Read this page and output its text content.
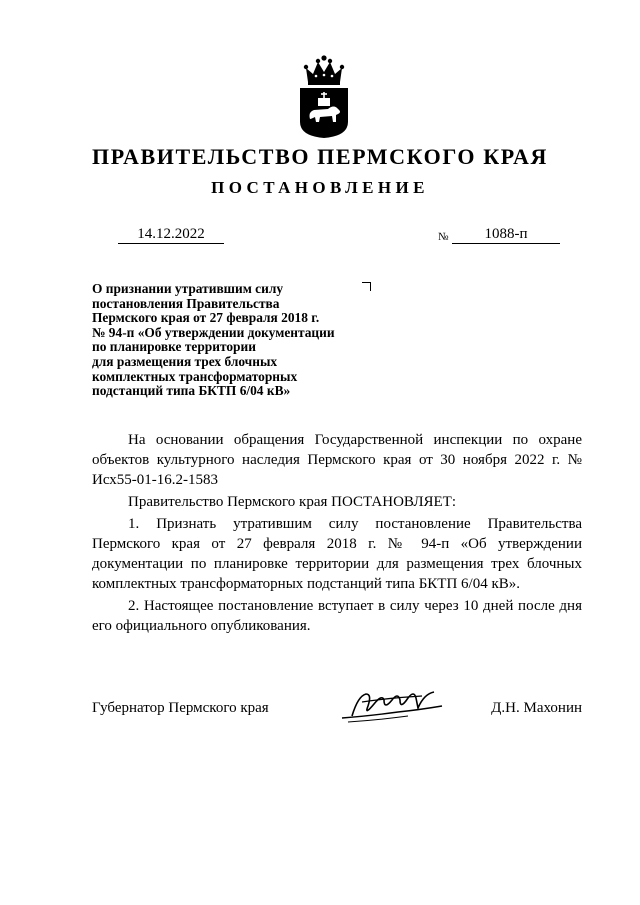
ПРАВИТЕЛЬСТВО ПЕРМСКОГО КРАЯ
ПОСТАНОВЛЕНИЕ
14.12.2022	№	1088-п
О признании утратившим силу
постановления Правительства
Пермского края от 27 февраля 2018 г.
№ 94-п «Об утверждении документации
по планировке территории
для размещения трех блочных
комплектных трансформаторных
подстанций типа БКТП 6/04 кВ»

На основании обращения Государственной инспекции по охране объектов культурного наследия Пермского края от 30 ноября 2022 г. № Исх55-01-16.2-1583

Правительство Пермского края ПОСТАНОВЛЯЕТ:

1. Признать утратившим силу постановление Правительства Пермского края от 27 февраля 2018 г. № 94-п «Об утверждении документации по планировке территории для размещения трех блочных комплектных трансформаторных подстанций типа БКТП 6/04 кВ».

2. Настоящее постановление вступает в силу через 10 дней после дня его официального опубликования.

Губернатор Пермского края	Д.Н. Махонин
